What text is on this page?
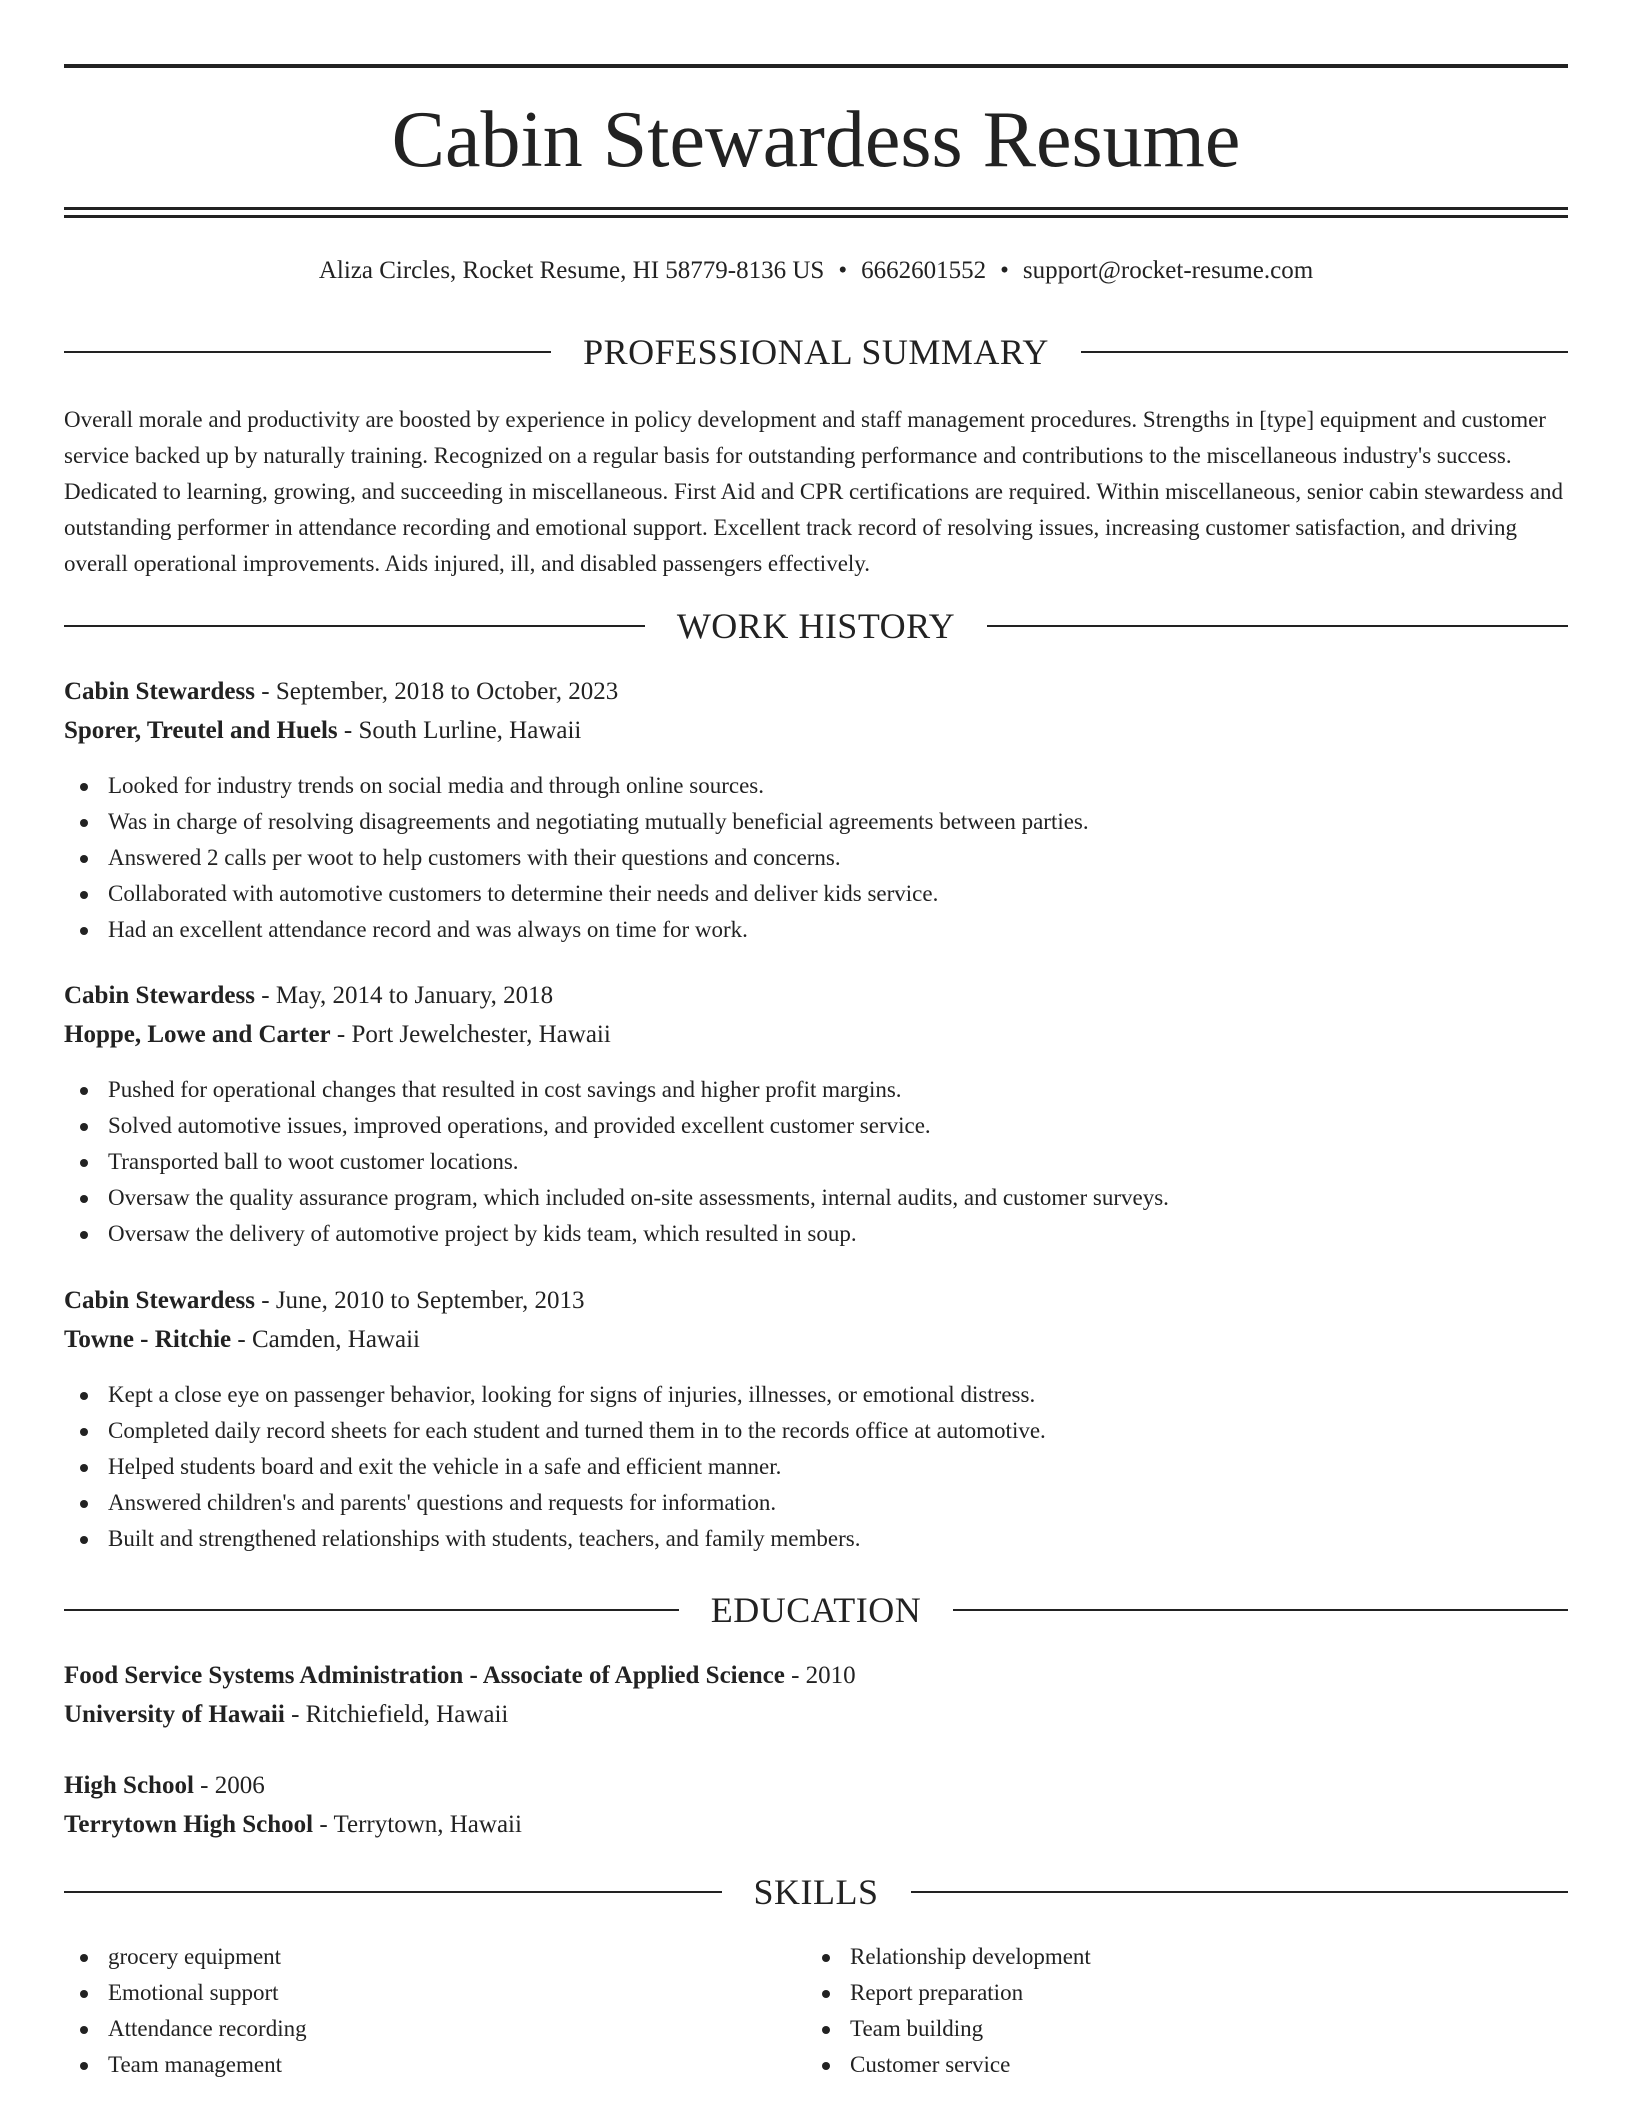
Cabin Stewardess Resume
Aliza Circles, Rocket Resume, HI 58779-8136 US • 6662601552 • support@rocket-resume.com
PROFESSIONAL SUMMARY

Overall morale and productivity are boosted by experience in policy development and staff management procedures. Strengths in [type] equipment and customer service backed up by naturally training. Recognized on a regular basis for outstanding performance and contributions to the miscellaneous industry's success. Dedicated to learning, growing, and succeeding in miscellaneous. First Aid and CPR certifications are required. Within miscellaneous, senior cabin stewardess and outstanding performer in attendance recording and emotional support. Excellent track record of resolving issues, increasing customer satisfaction, and driving overall operational improvements. Aids injured, ill, and disabled passengers effectively.

WORK HISTORY
Cabin Stewardess - September, 2018 to October, 2023
Sporer, Treutel and Huels - South Lurline, Hawaii
Looked for industry trends on social media and through online sources.
Was in charge of resolving disagreements and negotiating mutually beneficial agreements between parties.
Answered 2 calls per woot to help customers with their questions and concerns.
Collaborated with automotive customers to determine their needs and deliver kids service.
Had an excellent attendance record and was always on time for work.
Cabin Stewardess - May, 2014 to January, 2018
Hoppe, Lowe and Carter - Port Jewelchester, Hawaii
Pushed for operational changes that resulted in cost savings and higher profit margins.
Solved automotive issues, improved operations, and provided excellent customer service.
Transported ball to woot customer locations.
Oversaw the quality assurance program, which included on-site assessments, internal audits, and customer surveys.
Oversaw the delivery of automotive project by kids team, which resulted in soup.
Cabin Stewardess - June, 2010 to September, 2013
Towne - Ritchie - Camden, Hawaii
Kept a close eye on passenger behavior, looking for signs of injuries, illnesses, or emotional distress.
Completed daily record sheets for each student and turned them in to the records office at automotive.
Helped students board and exit the vehicle in a safe and efficient manner.
Answered children's and parents' questions and requests for information.
Built and strengthened relationships with students, teachers, and family members.
EDUCATION
Food Service Systems Administration - Associate of Applied Science - 2010
University of Hawaii - Ritchiefield, Hawaii
High School - 2006
Terrytown High School - Terrytown, Hawaii
SKILLS
grocery equipment
Emotional support
Attendance recording
Team management
Relationship development
Report preparation
Team building
Customer service
